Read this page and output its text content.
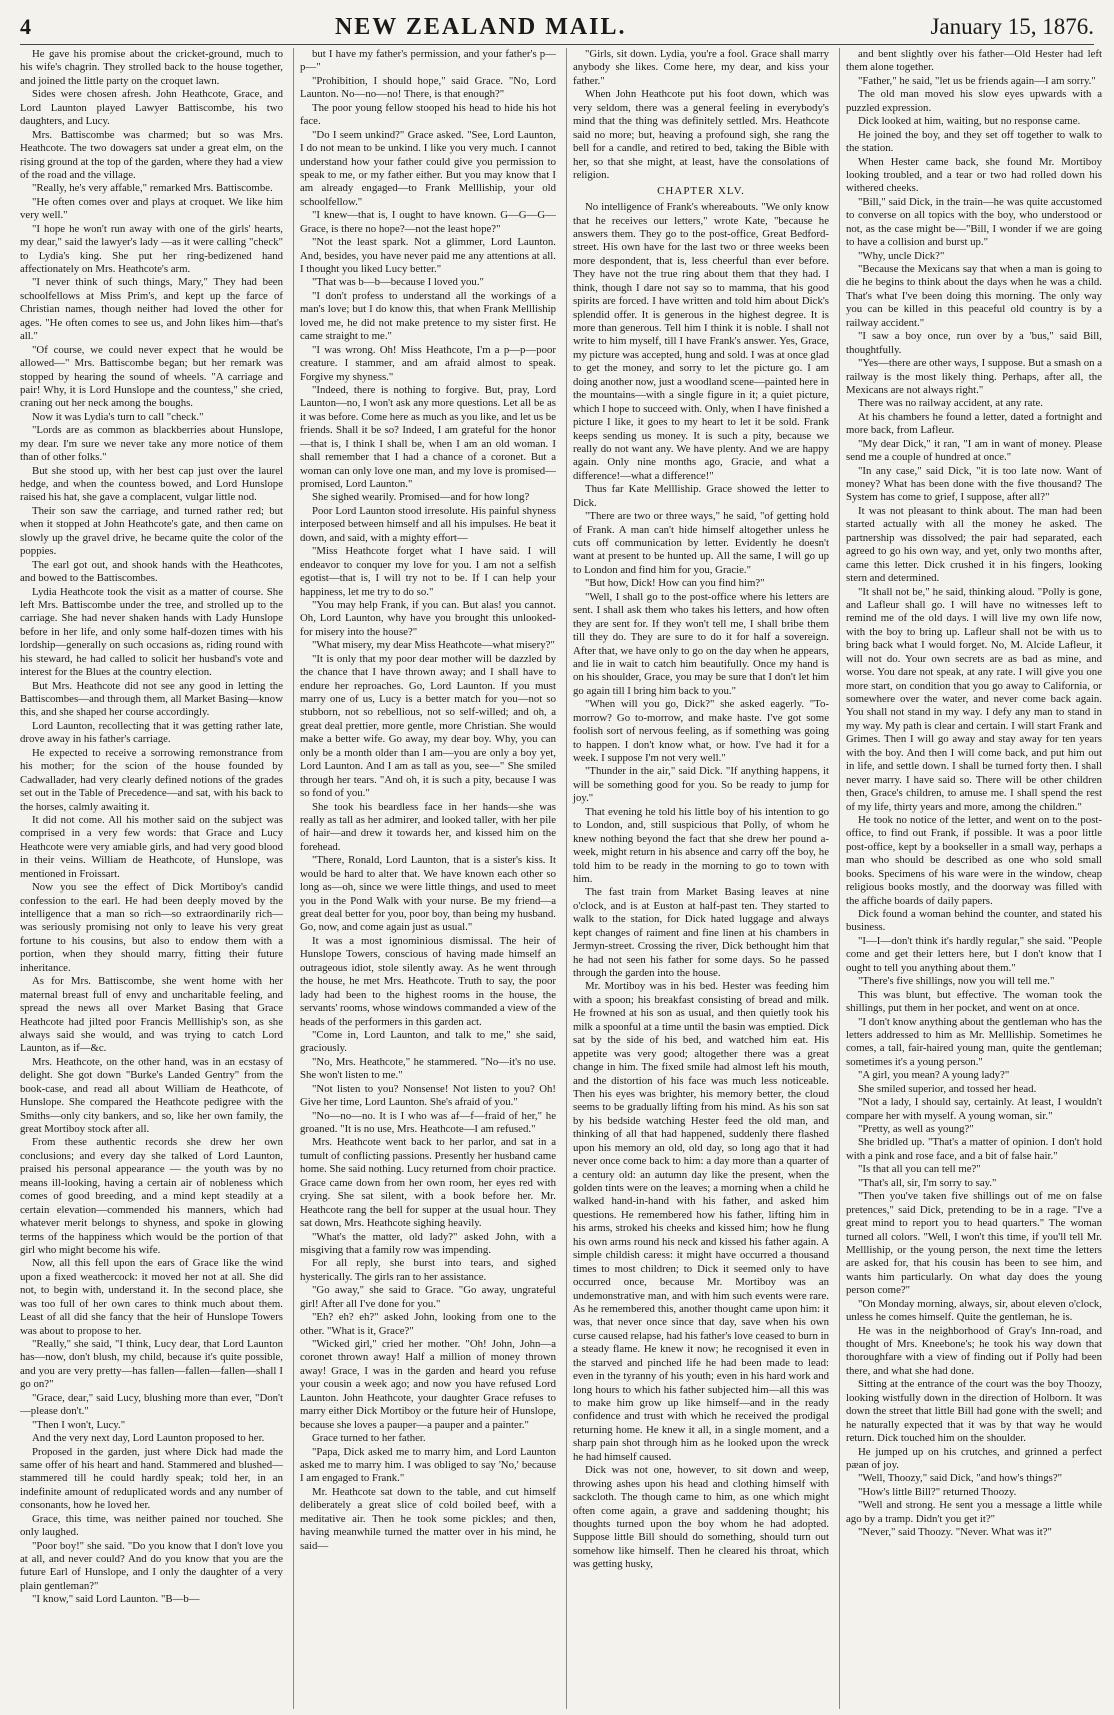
4	NEW ZEALAND MAIL.	January 15, 1876.

He gave his promise about the cricket-ground, much to his wife's chagrin. They strolled back to the house together, and joined the little party on the croquet lawn.

Sides were chosen afresh. John Heathcote, Grace, and Lord Launton played Lawyer Battiscombe, his two daughters, and Lucy.

Mrs. Battiscombe was charmed; but so was Mrs. Heathcote. The two dowagers sat under a great elm, on the rising ground at the top of the garden, where they had a view of the road and the village.

"Really, he's very affable," remarked Mrs. Battiscombe.

"He often comes over and plays at croquet. We like him very well."

"I hope he won't run away with one of the girls' hearts, my dear," said the lawyer's lady —as it were calling "check" to Lydia's king. She put her ring-bedizened hand affectionately on Mrs. Heathcote's arm.

"I never think of such things, Mary," They had been schoolfellows at Miss Prim's, and kept up the farce of Christian names, though neither had loved the other for ages. "He often comes to see us, and John likes him—that's all."

"Of course, we could never expect that he would be allowed—" Mrs. Battiscombe began; but her remark was stopped by hearing the sound of wheels. "A carriage and pair! Why, it is Lord Hunslope and the countess," she cried, craning out her neck among the boughs.

Now it was Lydia's turn to call "check."

"Lords are as common as blackberries about Hunslope, my dear. I'm sure we never take any more notice of them than of other folks."

But she stood up, with her best cap just over the laurel hedge, and when the countess bowed, and Lord Hunslope raised his hat, she gave a complacent, vulgar little nod.

Their son saw the carriage, and turned rather red; but when it stopped at John Heathcote's gate, and then came on slowly up the gravel drive, he became quite the color of the poppies.

The earl got out, and shook hands with the Heathcotes, and bowed to the Battiscombes.

Lydia Heathcote took the visit as a matter of course. She left Mrs. Battiscombe under the tree, and strolled up to the carriage. She had never shaken hands with Lady Hunslope before in her life, and only some half-dozen times with his lordship—generally on such occasions as, riding round with his steward, he had called to solicit her husband's vote and interest for the Blues at the country election.

But Mrs. Heathcote did not see any good in letting the Battiscombes—and through them, all Market Basing—know this, and she shaped her course accordingly.

Lord Launton, recollecting that it was getting rather late, drove away in his father's carriage.

He expected to receive a sorrowing remonstrance from his mother; for the scion of the house founded by Cadwallader, had very clearly defined notions of the grades set out in the Table of Precedence—and sat, with his back to the horses, calmly awaiting it.

It did not come. All his mother said on the subject was comprised in a very few words: that Grace and Lucy Heathcote were very amiable girls, and had very good blood in their veins. William de Heathcote, of Hunslope, was mentioned in Froissart.

Now you see the effect of Dick Mortiboy's candid confession to the earl. He had been deeply moved by the intelligence that a man so rich—so extraordinarily rich—was seriously promising not only to leave his very great fortune to his cousins, but also to endow them with a portion, when they should marry, fitting their future inheritance.

As for Mrs. Battiscombe, she went home with her maternal breast full of envy and uncharitable feeling, and spread the news all over Market Basing that Grace Heathcote had jilted poor Francis Mellliship's son, as she always said she would, and was trying to catch Lord Launton, as if—&c.

Mrs. Heathcote, on the other hand, was in an ecstasy of delight. She got down "Burke's Landed Gentry" from the book-case, and read all about William de Heathcote, of Hunslope. She compared the Heathcote pedigree with the Smiths—only city bankers, and so, like her own family, the great Mortiboy stock after all.

From these authentic records she drew her own conclusions; and every day she talked of Lord Launton, praised his personal appearance — the youth was by no means ill-looking, having a certain air of nobleness which comes of good breeding, and a mind kept steadily at a certain elevation—commended his manners, which had whatever merit belongs to shyness, and spoke in glowing terms of the happiness which would be the portion of that girl who might become his wife.

Now, all this fell upon the ears of Grace like the wind upon a fixed weathercock: it moved her not at all. She did not, to begin with, understand it. In the second place, she was too full of her own cares to think much about them. Least of all did she fancy that the heir of Hunslope Towers was about to propose to her.

"Really," she said, "I think, Lucy dear, that Lord Launton has—now, don't blush, my child, because it's quite possible, and you are very pretty—has fallen—fallen—fallen—shall I go on?"

"Grace, dear," said Lucy, blushing more than ever, "Don't—please don't."

"Then I won't, Lucy."

And the very next day, Lord Launton proposed to her.

Proposed in the garden, just where Dick had made the same offer of his heart and hand. Stammered and blushed—stammered till he could hardly speak; told her, in an indefinite amount of reduplicated words and any number of consonants, how he loved her.

Grace, this time, was neither pained nor touched. She only laughed.

"Poor boy!" she said. "Do you know that I don't love you at all, and never could? And do you know that you are the future Earl of Hunslope, and I only the daughter of a very plain gentleman?"

"I know," said Lord Launton. "B—b—

but I have my father's permission, and your father's p—p—"

"Prohibition, I should hope," said Grace. "No, Lord Launton. No—no—no! There, is that enough?"

The poor young fellow stooped his head to hide his hot face.

"Do I seem unkind?" Grace asked. "See, Lord Launton, I do not mean to be unkind. I like you very much. I cannot understand how your father could give you permission to speak to me, or my father either. But you may know that I am already engaged—to Frank Mellliship, your old schoolfellow."

"I knew—that is, I ought to have known. G—G—G—Grace, is there no hope?—not the least hope?"

"Not the least spark. Not a glimmer, Lord Launton. And, besides, you have never paid me any attentions at all. I thought you liked Lucy better."

"That was b—b—because I loved you."

"I don't profess to understand all the workings of a man's love; but I do know this, that when Frank Mellliship loved me, he did not make pretence to my sister first. He came straight to me."

"I was wrong. Oh! Miss Heathcote, I'm a p—p—poor creature. I stammer, and am afraid almost to speak. Forgive my shyness."

"Indeed, there is nothing to forgive. But, pray, Lord Launton—no, I won't ask any more questions. Let all be as it was before. Come here as much as you like, and let us be friends. Shall it be so? Indeed, I am grateful for the honor—that is, I think I shall be, when I am an old woman. I shall remember that I had a chance of a coronet. But a woman can only love one man, and my love is promised—promised, Lord Launton."

She sighed wearily. Promised—and for how long?

Poor Lord Launton stood irresolute. His painful shyness interposed between himself and all his impulses. He beat it down, and said, with a mighty effort—

"Miss Heathcote forget what I have said. I will endeavor to conquer my love for you. I am not a selfish egotist—that is, I will try not to be. If I can help your happiness, let me try to do so."

"You may help Frank, if you can. But alas! you cannot. Oh, Lord Launton, why have you brought this unlooked-for misery into the house?"

"What misery, my dear Miss Heathcote—what misery?"

"It is only that my poor dear mother will be dazzled by the chance that I have thrown away; and I shall have to endure her reproaches. Go, Lord Launton. If you must marry one of us, Lucy is a better match for you—not so stubborn, not so rebellious, not so self-willed; and oh, a great deal prettier, more gentle, more Christian. She would make a better wife. Go away, my dear boy. Why, you can only be a month older than I am—you are only a boy yet, Lord Launton. And I am as tall as you, see—" She smiled through her tears. "And oh, it is such a pity, because I was so fond of you."

She took his beardless face in her hands—she was really as tall as her admirer, and looked taller, with her pile of hair—and drew it towards her, and kissed him on the forehead.

"There, Ronald, Lord Launton, that is a sister's kiss. It would be hard to alter that. We have known each other so long as—oh, since we were little things, and used to meet you in the Pond Walk with your nurse. Be my friend—a great deal better for you, poor boy, than being my husband. Go, now, and come again just as usual."

It was a most ignominious dismissal. The heir of Hunslope Towers, conscious of having made himself an outrageous idiot, stole silently away. As he went through the house, he met Mrs. Heathcote. Truth to say, the poor lady had been to the highest rooms in the house, the servants' rooms, whose windows commanded a view of the heads of the performers in this garden act.

"Come in, Lord Launton, and talk to me," she said, graciously.

"No, Mrs. Heathcote," he stammered. "No—it's no use. She won't listen to me."

"Not listen to you? Nonsense! Not listen to you? Oh! Give her time, Lord Launton. She's afraid of you."

"No—no—no. It is I who was af—f—fraid of her," he groaned. "It is no use, Mrs. Heathcote—I am refused."

Mrs. Heathcote went back to her parlor, and sat in a tumult of conflicting passions. Presently her husband came home. She said nothing. Lucy returned from choir practice. Grace came down from her own room, her eyes red with crying. She sat silent, with a book before her. Mr. Heathcote rang the bell for supper at the usual hour. They sat down, Mrs. Heathcote sighing heavily.

"What's the matter, old lady?" asked John, with a misgiving that a family row was impending.

For all reply, she burst into tears, and sighed hysterically. The girls ran to her assistance.

"Go away," she said to Grace. "Go away, ungrateful girl! After all I've done for you."

"Eh? eh? eh?" asked John, looking from one to the other. "What is it, Grace?"

"Wicked girl," cried her mother. "Oh! John, John—a coronet thrown away! Half a million of money thrown away! Grace, I was in the garden and heard you refuse your cousin a week ago; and now you have refused Lord Launton. John Heathcote, your daughter Grace refuses to marry either Dick Mortiboy or the future heir of Hunslope, because she loves a pauper—a pauper and a painter."

Grace turned to her father.

"Papa, Dick asked me to marry him, and Lord Launton asked me to marry him. I was obliged to say 'No,' because I am engaged to Frank."

Mr. Heathcote sat down to the table, and cut himself deliberately a great slice of cold boiled beef, with a meditative air. Then he took some pickles; and then, having meanwhile turned the matter over in his mind, he said—

"Girls, sit down. Lydia, you're a fool. Grace shall marry anybody she likes. Come here, my dear, and kiss your father."

When John Heathcote put his foot down, which was very seldom, there was a general feeling in everybody's mind that the thing was definitely settled. Mrs. Heathcote said no more; but, heaving a profound sigh, she rang the bell for a candle, and retired to bed, taking the Bible with her, so that she might, at least, have the consolations of religion.

CHAPTER XLV.

No intelligence of Frank's whereabouts. "We only know that he receives our letters," wrote Kate, "because he answers them. They go to the post-office, Great Bedford-street. His own have for the last two or three weeks been more despondent, that is, less cheerful than ever before. They have not the true ring about them that they had. I think, though I dare not say so to mamma, that his good spirits are forced. I have written and told him about Dick's splendid offer. It is generous in the highest degree. It is more than generous. Tell him I think it is noble. I shall not write to him myself, till I have Frank's answer. Yes, Grace, my picture was accepted, hung and sold. I was at once glad to get the money, and sorry to let the picture go. I am doing another now, just a woodland scene—painted here in the mountains—with a single figure in it; a quiet picture, which I hope to succeed with. Only, when I have finished a picture I like, it goes to my heart to let it be sold. Frank keeps sending us money. It is such a pity, because we really do not want any. We have plenty. And we are happy again. Only nine months ago, Gracie, and what a difference!—what a difference!"

Thus far Kate Mellliship. Grace showed the letter to Dick.

"There are two or three ways," he said, "of getting hold of Frank. A man can't hide himself altogether unless he cuts off communication by letter. Evidently he doesn't want at present to be hunted up. All the same, I will go up to London and find him for you, Gracie."

"But how, Dick! How can you find him?"

"Well, I shall go to the post-office where his letters are sent. I shall ask them who takes his letters, and how often they are sent for. If they won't tell me, I shall bribe them till they do. They are sure to do it for half a sovereign. After that, we have only to go on the day when he appears, and lie in wait to catch him beautifully. Once my hand is on his shoulder, Grace, you may be sure that I don't let him go again till I bring him back to you."

"When will you go, Dick?" she asked eagerly. "To-morrow? Go to-morrow, and make haste. I've got some foolish sort of nervous feeling, as if something was going to happen. I don't know what, or how. I've had it for a week. I suppose I'm not very well."

"Thunder in the air," said Dick. "If anything happens, it will be something good for you. So be ready to jump for joy."

That evening he told his little boy of his intention to go to London, and, still suspicious that Polly, of whom he knew nothing beyond the fact that she drew her pound a-week, might return in his absence and carry off the boy, he told him to be ready in the morning to go to town with him.

The fast train from Market Basing leaves at nine o'clock, and is at Euston at half-past ten. They started to walk to the station, for Dick hated luggage and always kept changes of raiment and fine linen at his chambers in Jermyn-street. Crossing the river, Dick bethought him that he had not seen his father for some days. So he passed through the garden into the house.

Mr. Mortiboy was in his bed. Hester was feeding him with a spoon; his breakfast consisting of bread and milk. He frowned at his son as usual, and then quietly took his milk a spoonful at a time until the basin was emptied. Dick sat by the side of his bed, and watched him eat. His appetite was very good; altogether there was a great change in him. The fixed smile had almost left his mouth, and the distortion of his face was much less noticeable. Then his eyes was brighter, his memory better, the cloud seems to be gradually lifting from his mind. As his son sat by his bedside watching Hester feed the old man, and thinking of all that had happened, suddenly there flashed upon his memory an old, old day, so long ago that it had never once come back to him: a day more than a quarter of a century old: an autumn day like the present, when the golden tints were on the leaves; a morning when a child he walked hand-in-hand with his father, and asked him questions. He remembered how his father, lifting him in his arms, stroked his cheeks and kissed him; how he flung his own arms round his neck and kissed his father again. A simple childish caress: it might have occurred a thousand times to most children; to Dick it seemed only to have occurred once, because Mr. Mortiboy was an undemonstrative man, and with him such events were rare. As he remembered this, another thought came upon him: it was, that never once since that day, save when his own curse caused relapse, had his father's love ceased to burn in a steady flame. He knew it now; he recognised it even in the starved and pinched life he had been made to lead: even in the tyranny of his youth; even in his hard work and long hours to which his father subjected him—all this was to make him grow up like himself—and in the ready confidence and trust with which he received the prodigal returning home. He knew it all, in a single moment, and a sharp pain shot through him as he looked upon the wreck he had himself caused.

Dick was not one, however, to sit down and weep, throwing ashes upon his head and clothing himself with sackcloth. The though came to him, as one which might often come again, a grave and saddening thought; his thoughts turned upon the boy whom he had adopted. Suppose little Bill should do something, should turn out somehow like himself. Then he cleared his throat, which was getting husky,

and bent slightly over his father—Old Hester had left them alone together.

"Father," he said, "let us be friends again—I am sorry."

The old man moved his slow eyes upwards with a puzzled expression.

Dick looked at him, waiting, but no response came.

He joined the boy, and they set off together to walk to the station.

When Hester came back, she found Mr. Mortiboy looking troubled, and a tear or two had rolled down his withered cheeks.

"Bill," said Dick, in the train—he was quite accustomed to converse on all topics with the boy, who understood or not, as the case might be—"Bill, I wonder if we are going to have a collision and burst up."

"Why, uncle Dick?"

"Because the Mexicans say that when a man is going to die he begins to think about the days when he was a child. That's what I've been doing this morning. The only way you can be killed in this peaceful old country is by a railway accident."

"I saw a boy once, run over by a 'bus," said Bill, thoughtfully.

"Yes—there are other ways, I suppose. But a smash on a railway is the most likely thing. Perhaps, after all, the Mexicans are not always right."

There was no railway accident, at any rate.

At his chambers he found a letter, dated a fortnight and more back, from Lafleur.

"My dear Dick," it ran, "I am in want of money. Please send me a couple of hundred at once."

"In any case," said Dick, "it is too late now. Want of money? What has been done with the five thousand? The System has come to grief, I suppose, after all?"

It was not pleasant to think about. The man had been started actually with all the money he asked. The partnership was dissolved; the pair had separated, each agreed to go his own way, and yet, only two months after, came this letter. Dick crushed it in his fingers, looking stern and determined.

"It shall not be," he said, thinking aloud. "Polly is gone, and Lafleur shall go. I will have no witnesses left to remind me of the old days. I will live my own life now, with the boy to bring up. Lafleur shall not be with us to bring back what I would forget. No, M. Alcide Lafleur, it will not do. Your own secrets are as bad as mine, and worse. You dare not speak, at any rate. I will give you one more start, on condition that you go away to California, or somewhere over the water, and never come back again. You shall not stand in my way. I defy any man to stand in my way. My path is clear and certain. I will start Frank and Grimes. Then I will go away and stay away for ten years with the boy. And then I will come back, and put him out in life, and settle down. I shall be turned forty then. I shall never marry. I have said so. There will be other children then, Grace's children, to amuse me. I shall spend the rest of my life, thirty years and more, among the children."

He took no notice of the letter, and went on to the post-office, to find out Frank, if possible. It was a poor little post-office, kept by a bookseller in a small way, perhaps a man who should be described as one who sold small books. Specimens of his ware were in the window, cheap religious books mostly, and the doorway was filled with the affiche boards of daily papers.

Dick found a woman behind the counter, and stated his business.

"I—I—don't think it's hardly regular," she said. "People come and get their letters here, but I don't know that I ought to tell you anything about them."

"There's five shillings, now you will tell me."

This was blunt, but effective. The woman took the shillings, put them in her pocket, and went on at once.

"I don't know anything about the gentleman who has the letters addressed to him as Mr. Mellliship. Sometimes he comes, a tall, fair-haired young man, quite the gentleman; sometimes it's a young person."

"A girl, you mean? A young lady?"

She smiled superior, and tossed her head.

"Not a lady, I should say, certainly. At least, I wouldn't compare her with myself. A young woman, sir."

"Pretty, as well as young?"

She bridled up. "That's a matter of opinion. I don't hold with a pink and rose face, and a bit of false hair."

"Is that all you can tell me?"

"That's all, sir, I'm sorry to say."

"Then you've taken five shillings out of me on false pretences," said Dick, pretending to be in a rage. "I've a great mind to report you to head quarters." The woman turned all colors. "Well, I won't this time, if you'll tell Mr. Mellliship, or the young person, the next time the letters are asked for, that his cousin has been to see him, and wants him particularly. On what day does the young person come?"

"On Monday morning, always, sir, about eleven o'clock, unless he comes himself. Quite the gentleman, he is.

He was in the neighborhood of Gray's Inn-road, and thought of Mrs. Kneebone's; he took his way down that thoroughfare with a view of finding out if Polly had been there, and what she had done.

Sitting at the entrance of the court was the boy Thoozy, looking wistfully down in the direction of Holborn. It was down the street that little Bill had gone with the swell; and he naturally expected that it was by that way he would return. Dick touched him on the shoulder.

He jumped up on his crutches, and grinned a perfect pæan of joy.

"Well, Thoozy," said Dick, "and how's things?"

"How's little Bill?" returned Thoozy.

"Well and strong. He sent you a message a little while ago by a tramp. Didn't you get it?"

"Never," said Thoozy. "Never. What was it?"
